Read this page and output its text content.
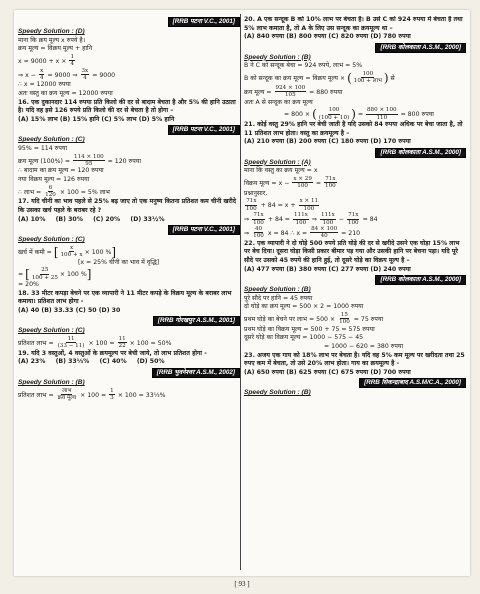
[RRB पटना V.C., 2001]
Speedy Solution : (D)
माना कि क्रय मूल्य x रुपये है।
क्रय मूल्य = विक्रय मूल्य + हानि
$x = 9000 + x \times \frac{1}{4}$
⇒ $x - \frac{x}{4} = 9000$ ⇒ $\frac{3x}{4} = 9000$
∴ x = 12000 रुपया
अतः वस्तु का क्रय मूल्य = 12000 रुपया
16. एक दुकानदार 114 रुपया प्रति किलो की दर से बादाम बेचता है और 5% की हानि उठाता है। यदि वह इसे 126 रुपये प्रति किलो की दर से बेचता है तो होगा –
(A) 15% लाभ (B) 15% हानि (C) 5% लाभ (D) 5% हानि
[RRB पटना V.C., 2001]
Speedy Solution : (C)
95% = 114 रुपया
क्रय मूल्य $(100\%) = \frac{114 \times 100}{95} = 120$ रुपया
∴ बादाम का क्रय मूल्य = 120 रुपया
नया विक्रय मूल्य = 126 रुपया
∴ लाभ = $\frac{6}{120} \times 100 = 5\%$ लाभ
17. यदि चीनी का भाव पहले से 25% बढ़ जाए तो एक मनुष्य कितना प्रतिशत कम चीनी खरीदे कि उसका खर्च पहले के बराबर रहे ?
(A) 10% (B) 30% (C) 20% (D) 33½%
[RRB पटना V.C., 2001]
Speedy Solution : (C)
खर्च में कमी = [ $\frac{x}{100 + x} \times 100$ %]
[x = 25% चीनी का भाव में वृद्धि]
= [ $\frac{25}{100 + 25} \times 100$ %]
= 20%
18. 33 मीटर कपड़ा बेचने पर एक व्यापारी ने 11 मीटर कपड़े के विक्रय मूल्य के बराबर लाभ कमाया। प्रतिशत लाभ होगा -
(A) 40 (B) 33.33 (C) 50 (D) 30
[RRB गोरखपुर A.S.M., 2001]
Speedy Solution : (C)
प्रतिशत लाभ = $\frac{11}{(33 - 11)} \times 100 = \frac{11}{22} \times 100 = 50\%$
19. यदि 3 वस्तुओं, 4 वस्तुओं के क्रयमूल्य पर बेची जाये, तो लाभ प्रतिशत होगा -
(A) 23% (B) 33⅓% (C) 40% (D) 50%
[RRB भुवनेश्वर A.S.M., 2002]
Speedy Solution : (B)
प्रतिशत लाभ =
लाभ
क्रय मूल्य × $100 = \frac{1}{3} \times 100$ = 33⅓%
20. A एक सन्दूक B को 10% लाभ पर बेचता है। B उसे C को 924 रुपया में बेचता है तथा 5% लाभ कमाता है, तो A के लिए उस सन्दूक का क्रयमूल्य था –
(A) 840 रुपया (B) 800 रुपया (C) 820 रुपया (D) 780 रुपया
[RRB कोलकाता A.S.M., 2000]
Speedy Solution : (B)
B ने C को सन्दूक बेचा = 924 रुपये, लाभ = 5%
B को सन्दूक का क्रय मूल्य = विक्रय मूल्य × ( 100
100 + लाभ ) से
क्रय मूल्य = $\frac{924 \times 100}{105} = 880$ रुपया
अतः A से सन्दूक का क्रय मूल्य
= 800 × ( $\frac{100}{(100 + 10)}$ ) = $\frac{880 \times 100}{110} = 800$ रुपया
21. कोई वस्तु 29% हानि पर बेची जाती है यदि उसको 84 रुपया अधिक पर बेचा जाता है, तो 11 प्रतिशत लाभ होता। वस्तु का क्रयमूल्य है –
(A) 210 रुपया (B) 200 रुपया (C) 180 रुपया (D) 170 रुपया
[RRB कोलकाता A.S.M., 2000]
Speedy Solution : (A)
माना कि वस्तु का क्रय मूल्य = x
विक्रय मूल्य = $x - \frac{x \times 29}{100} = \frac{71x}{100}$
प्रश्नानुसार,
$\frac{71x}{100} + 84 = x + \frac{x \times 11}{100}$
⇒ $\frac{71x}{100} + 84 = \frac{111x}{100}$ ⇒ $\frac{111x}{100} - \frac{71x}{100} = 84$
⇒ $\frac{40}{100}$ x = 84 ∴ $x = \frac{84 \times 100}{40} = 210$
22. एक व्यापारी ने दो घोड़े 500 रुपये प्रति घोड़े की दर से खरीदे उसने एक घोड़ा 15% लाभ पर बेच दिया। दूसरा घोड़ा किसी प्रकार बीमार पड़ गया और उसकी हानि पर बेचना पड़ा। यदि पूरे सौदे पर उसको 45 रुपये की हानि हुई, तो दूसरे घोड़े का विक्रय मूल्य है –
(A) 477 रुपया (B) 380 रुपया (C) 277 रुपया (D) 240 रुपया
[RRB कोलकाता A.S.M., 2000]
Speedy Solution : (B)
पूरे सौदे पर हानि = 45 रुपया
दो घोड़े का क्रय मूल्य = 500 × 2 = 1000 रुपया
प्रथम घोड़े का बेचने पर लाभ = $500 \times \frac{15}{100} = 75$ रुपया
प्रथम घोड़े का विक्रय मूल्य = 500 + 75 = 575 रुपया
दूसरे घोड़े का विक्रय मूल्य = 1000 − 575 − 45
= 1000 − 620 = 380 रुपया
23. अजय एक गाय को 18% लाभ पर बेचता है। यदि वह 5% कम मूल्य पर खरीदता तथा 25 रुपए कम में बेचता, तो उसे 20% लाभ होता। गाय का क्रयमूल्य है -
(A) 650 रुपया (B) 625 रुपया (C) 675 रुपया (D) 700 रुपया
[RRB सिकन्द्राबाद A.S.M/C.A., 2000]
Speedy Solution : (B)
[ 93 ]
